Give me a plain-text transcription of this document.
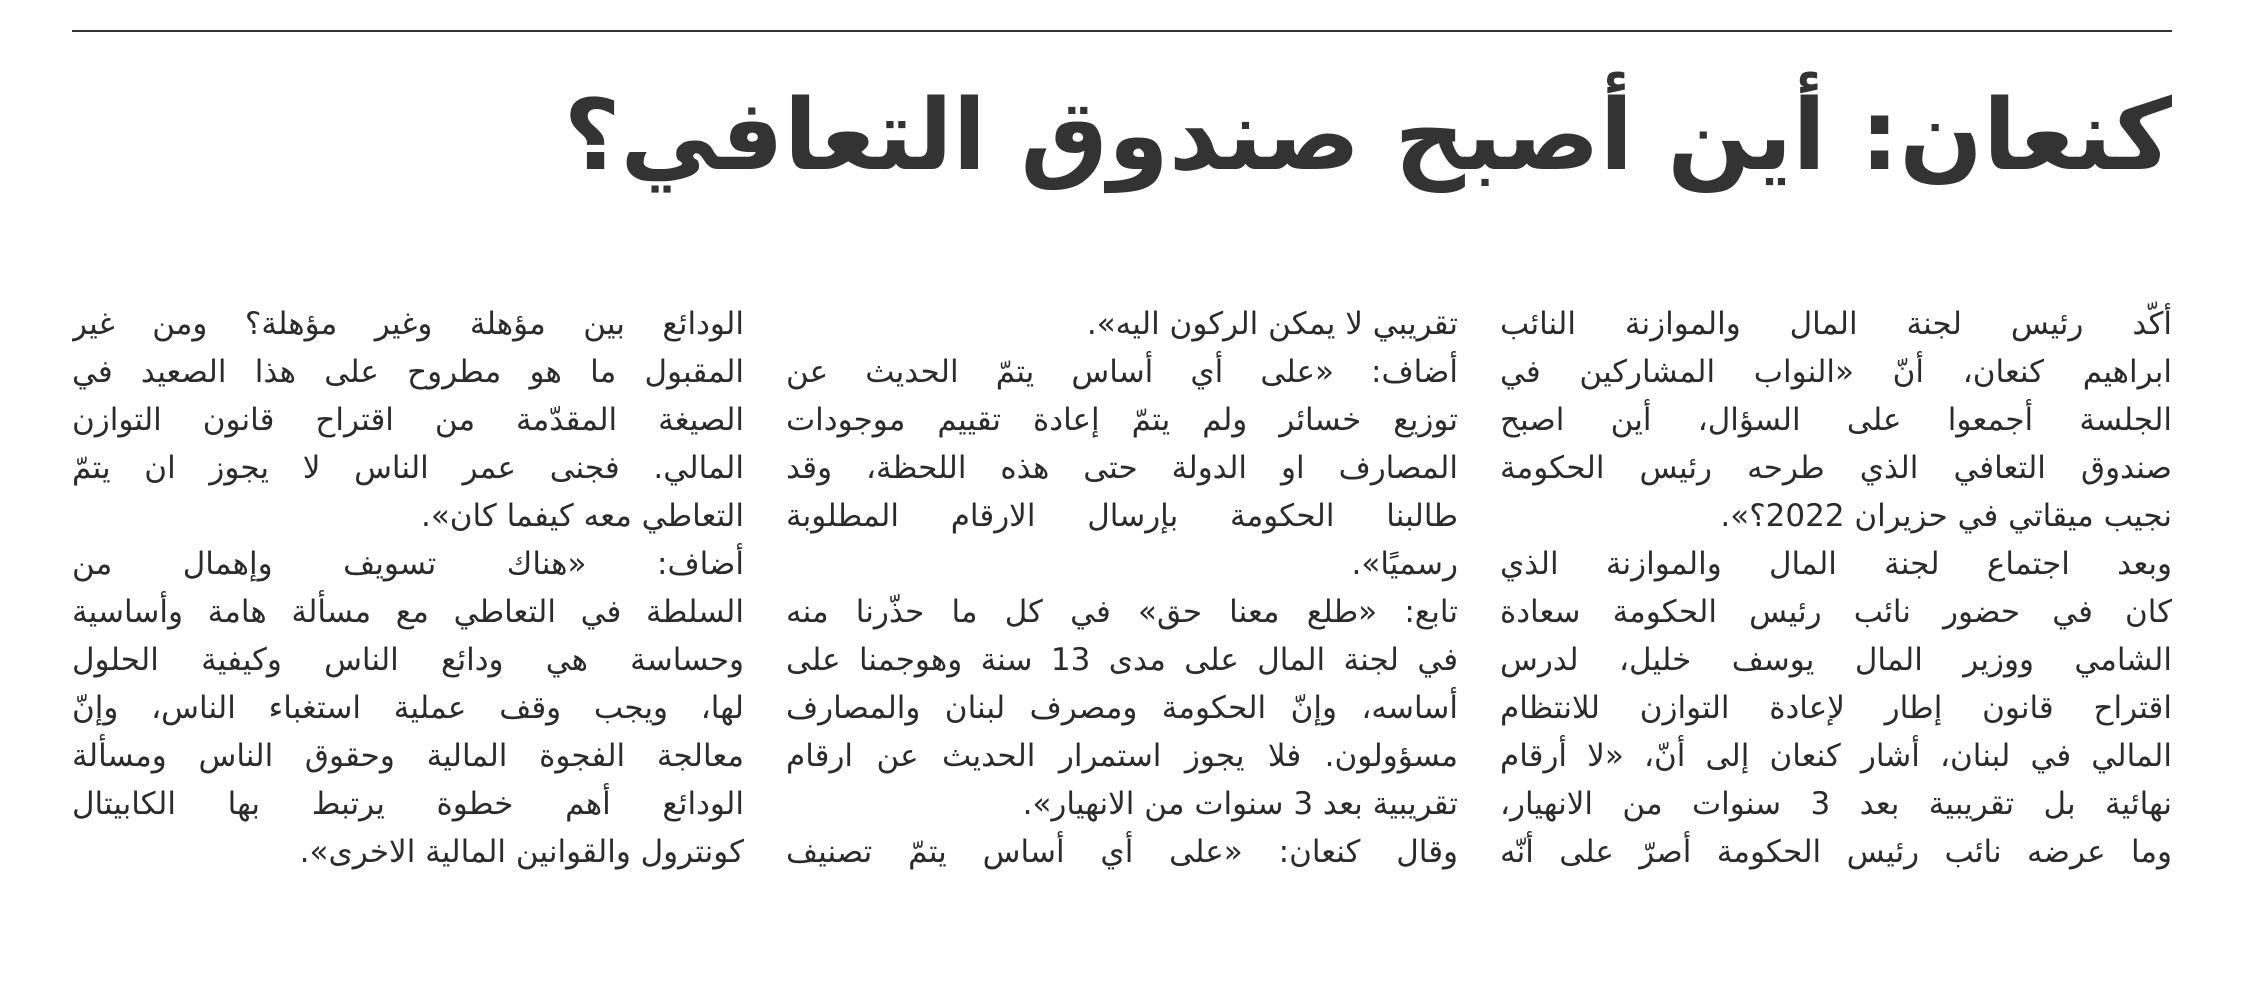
كنعان: أين أصبح صندوق التعافي؟
أكّد رئيس لجنة المال والموازنة النائب
ابراهيم كنعان، أنّ «النواب المشاركين في
الجلسة أجمعوا على السؤال، أين اصبح
صندوق التعافي الذي طرحه رئيس الحكومة
نجيب ميقاتي في حزيران 2022؟».
وبعد اجتماع لجنة المال والموازنة الذي
كان في حضور نائب رئيس الحكومة سعادة
الشامي ووزير المال يوسف خليل، لدرس
اقتراح قانون إطار لإعادة التوازن للانتظام
المالي في لبنان، أشار كنعان إلى أنّ، «لا أرقام
نهائية بل تقريبية بعد 3 سنوات من الانهيار،
وما عرضه نائب رئيس الحكومة أصرّ على أنّه
تقريبي لا يمكن الركون اليه».
أضاف: «على أي أساس يتمّ الحديث عن
توزيع خسائر ولم يتمّ إعادة تقييم موجودات
المصارف او الدولة حتى هذه اللحظة، وقد
طالبنا الحكومة بإرسال الارقام المطلوبة
رسميًا».
تابع: «طلع معنا حق» في كل ما حذّرنا منه
في لجنة المال على مدى 13 سنة وهوجمنا على
أساسه، وإنّ الحكومة ومصرف لبنان والمصارف
مسؤولون. فلا يجوز استمرار الحديث عن ارقام
تقريبية بعد 3 سنوات من الانهيار».
وقال كنعان: «على أي أساس يتمّ تصنيف
الودائع بين مؤهلة وغير مؤهلة؟ ومن غير
المقبول ما هو مطروح على هذا الصعيد في
الصيغة المقدّمة من اقتراح قانون التوازن
المالي. فجنى عمر الناس لا يجوز ان يتمّ
التعاطي معه كيفما كان».
أضاف: «هناك تسويف وإهمال من
السلطة في التعاطي مع مسألة هامة وأساسية
وحساسة هي ودائع الناس وكيفية الحلول
لها، ويجب وقف عملية استغباء الناس، وإنّ
معالجة الفجوة المالية وحقوق الناس ومسألة
الودائع أهم خطوة يرتبط بها الكابيتال
كونترول والقوانين المالية الاخرى».
